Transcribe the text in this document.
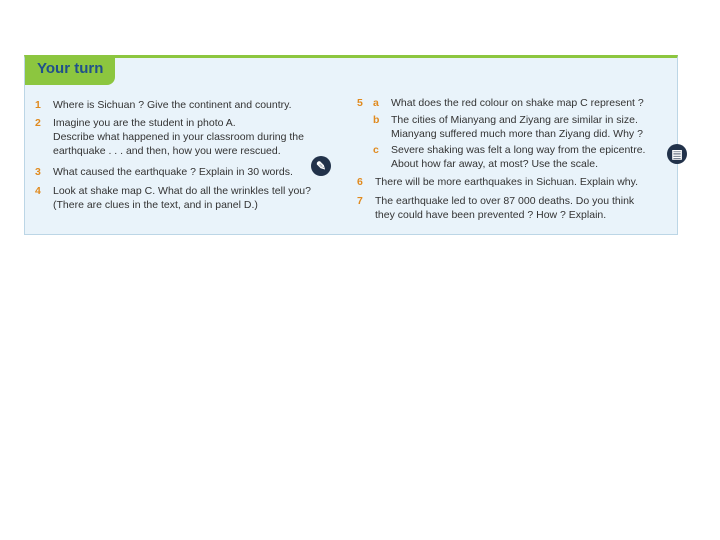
Your turn
1 Where is Sichuan ? Give the continent and country.
2 Imagine you are the student in photo A.
Describe what happened in your classroom during the
earthquake . . . and then, how you were rescued.
3 What caused the earthquake ? Explain in 30 words.
4 Look at shake map C. What do all the wrinkles tell you?
(There are clues in the text, and in panel D.)
✎
5 a What does the red colour on shake map C represent ?
b The cities of Mianyang and Ziyang are similar in size.
Mianyang suffered much more than Ziyang did. Why ?
c Severe shaking was felt a long way from the epicentre.
About how far away, at most? Use the scale.
6 There will be more earthquakes in Sichuan. Explain why.
7 The earthquake led to over 87 000 deaths. Do you think
they could have been prevented ? How ? Explain.
▤
